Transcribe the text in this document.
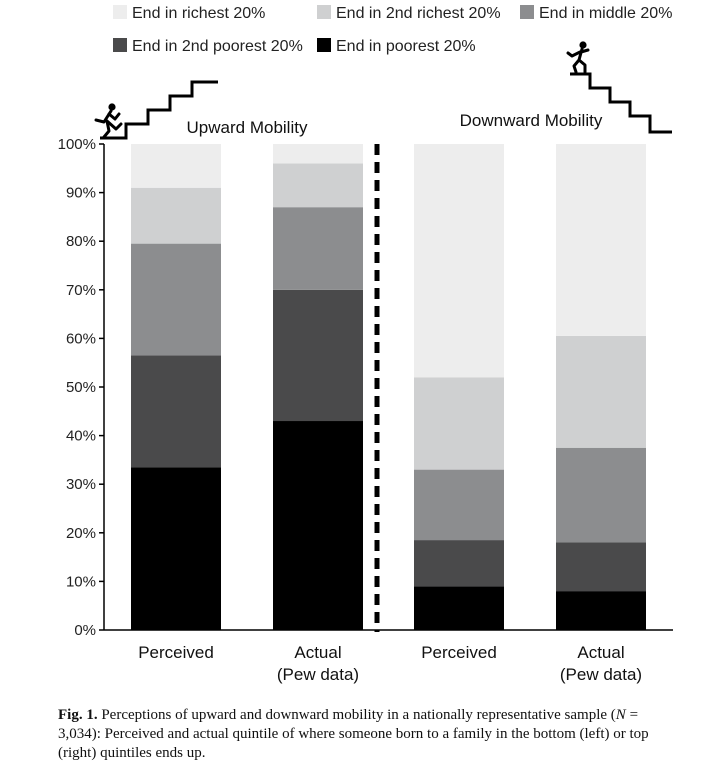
End in richest 20%	End in 2nd richest 20% End in middle 20%
End in 2nd poorest 20% End in poorest 20%
Upward Mobility	Downward Mobility
0%
10%
20%
30%
40%
50%
60%
70%
80%
90%
100%
Perceived	Actual
(Pew data)
Perceived	Actual
(Pew data)
Fig. 1. Perceptions of upward and downward mobility in a nationally representative sample (N = 3,034): Perceived and actual quintile of where someone born to a family in the bottom (left) or top (right) quintiles ends up.
